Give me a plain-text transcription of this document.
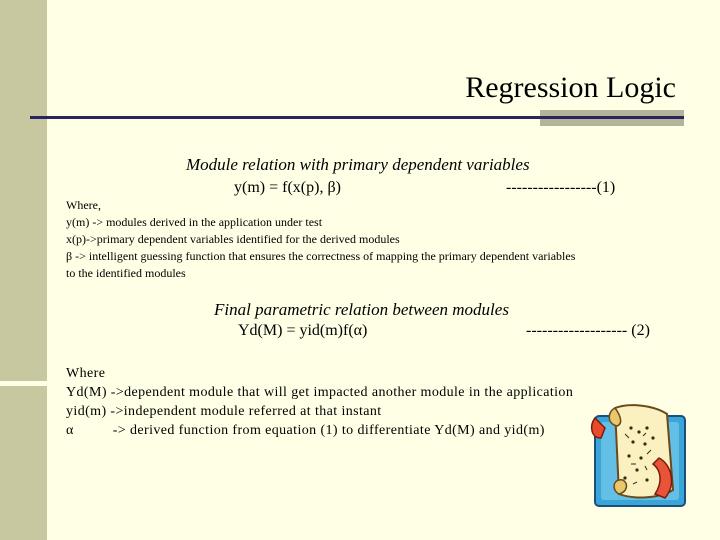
Regression Logic
Module relation with primary dependent variables
y(m) = f(x(p), β)	-----------------(1)
Where,
y(m) -> modules derived in the application under test
x(p)->primary dependent variables identified for the derived modules
β -> intelligent guessing function that ensures the correctness of mapping the primary dependent variables
to the identified modules
Final parametric relation between modules
Yd(M) = yid(m)f(α)	------------------- (2)
Where
Yd(M) ->dependent module that will get impacted another module in the application
yid(m) ->independent module referred at that instant
α          -> derived function from equation (1) to differentiate Yd(M) and yid(m)
